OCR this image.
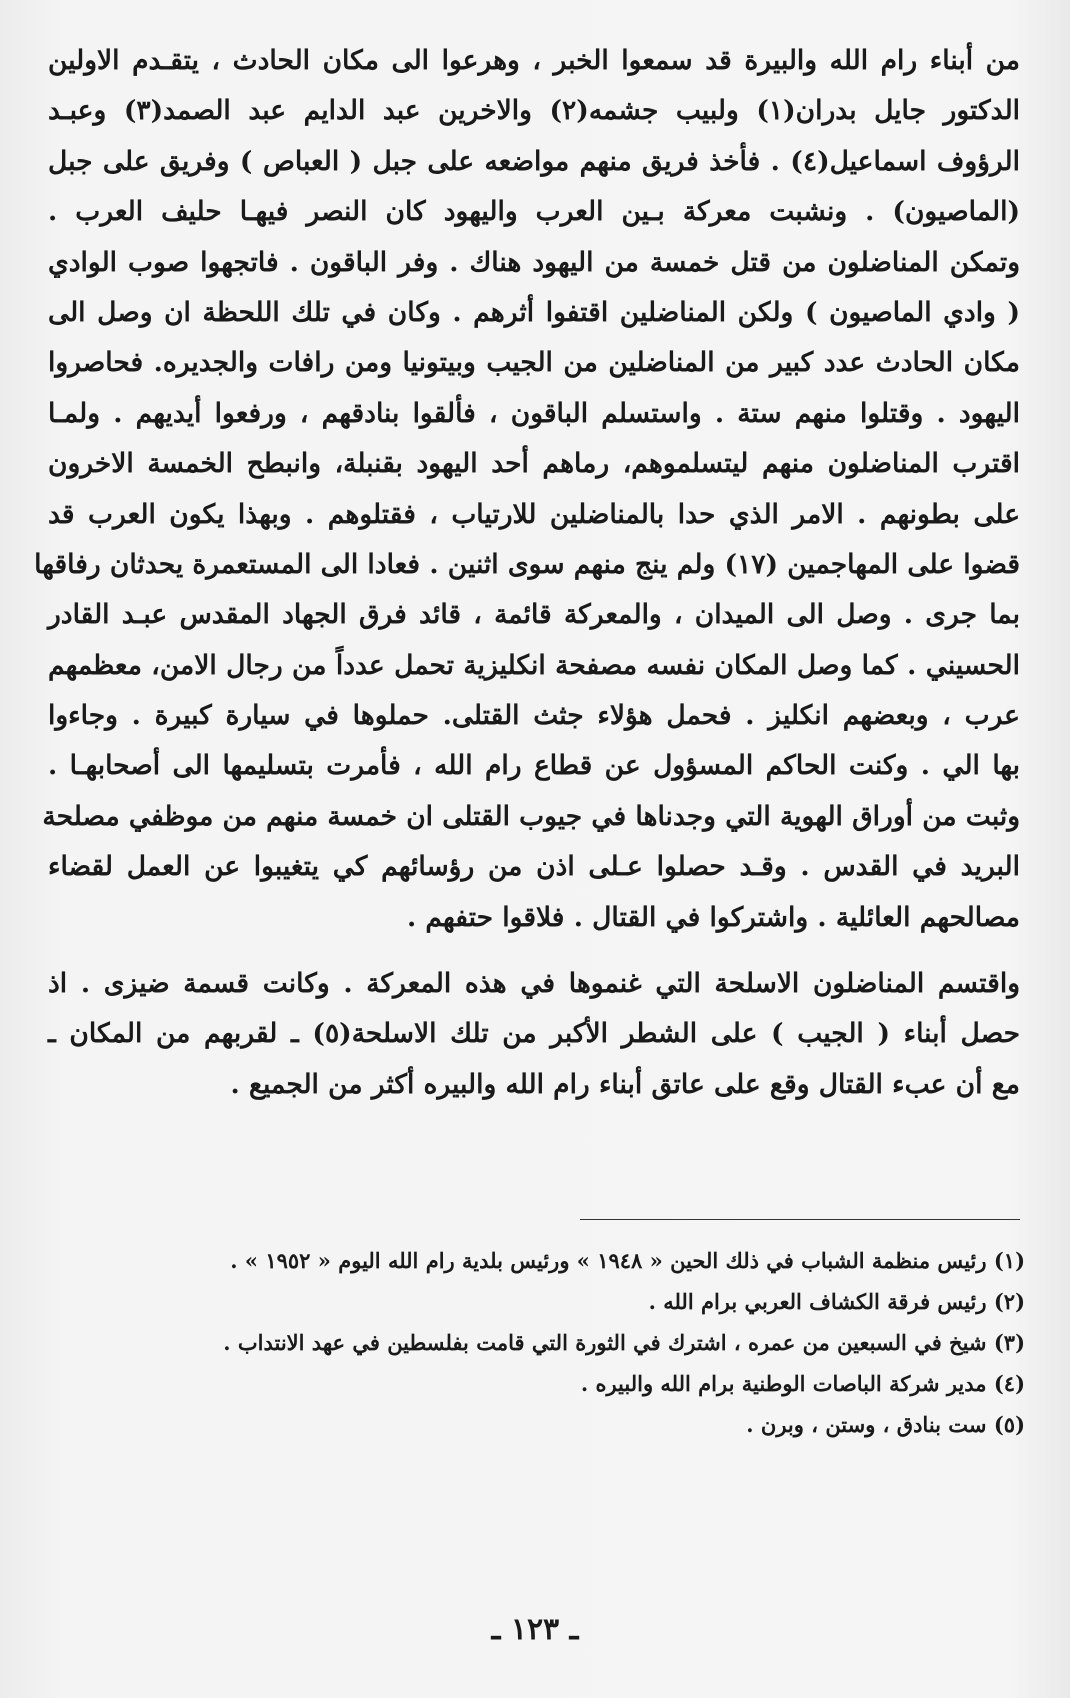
من أبناء رام الله والبيرة قد سمعوا الخبر ، وهرعوا الى مكان الحادث ، يتقـدم الاولين
الدكتور جايل بدران(١) ولبيب جشمه(٢) والاخرين عبد الدايم عبد الصمد(٣) وعبـد
الرؤوف اسماعيل(٤) . فأخذ فريق منهم مواضعه على جبل ( العباص ) وفريق على جبل
(الماصيون) . ونشبت معركة بـين العرب واليهود كان النصر فيهـا حليف العرب .
وتمكن المناضلون من قتل خمسة من اليهود هناك . وفر الباقون . فاتجهوا صوب الوادي
( وادي الماصيون ) ولكن المناضلين اقتفوا أثرهم . وكان في تلك اللحظة ان وصل الى
مكان الحادث عدد كبير من المناضلين من الجيب وبيتونيا ومن رافات والجديره. فحاصروا
اليهود . وقتلوا منهم ستة . واستسلم الباقون ، فألقوا بنادقهم ، ورفعوا أيديهم . ولمـا
اقترب المناضلون منهم ليتسلموهم، رماهم أحد اليهود بقنبلة، وانبطح الخمسة الاخرون
على بطونهم . الامر الذي حدا بالمناضلين للارتياب ، فقتلوهم . وبهذا يكون العرب قد
قضوا على المهاجمين (١٧) ولم ينج منهم سوى اثنين . فعادا الى المستعمرة يحدثان رفاقها
بما جرى . وصل الى الميدان ، والمعركة قائمة ، قائد فرق الجهاد المقدس عبـد القادر
الحسيني . كما وصل المكان نفسه مصفحة انكليزية تحمل عدداً من رجال الامن، معظمهم
عرب ، وبعضهم انكليز . فحمل هؤلاء جثث القتلى. حملوها في سيارة كبيرة . وجاءوا
بها الي . وكنت الحاكم المسؤول عن قطاع رام الله ، فأمرت بتسليمها الى أصحابهـا .
وثبت من أوراق الهوية التي وجدناها في جيوب القتلى ان خمسة منهم من موظفي مصلحة
البريد في القدس . وقـد حصلوا عـلى اذن من رؤسائهم كي يتغيبوا عن العمل لقضاء
مصالحهم العائلية . واشتركوا في القتال . فلاقوا حتفهم .
واقتسم المناضلون الاسلحة التي غنموها في هذه المعركة . وكانت قسمة ضيزى . اذ
حصل أبناء ( الجيب ) على الشطر الأكبر من تلك الاسلحة(٥) ـ لقربهم من المكان ـ
مع أن عبء القتال وقع على عاتق أبناء رام الله والبيره أكثر من الجميع .
(١) رئيس منظمة الشباب في ذلك الحين « ١٩٤٨ » ورئيس بلدية رام الله اليوم « ١٩٥٢ » .
(٢) رئيس فرقة الكشاف العربي برام الله .
(٣) شيخ في السبعين من عمره ، اشترك في الثورة التي قامت بفلسطين في عهد الانتداب .
(٤) مدير شركة الباصات الوطنية برام الله والبيره .
(٥) ست بنادق ، وستن ، وبرن .
ـ ١٢٣ ـ
